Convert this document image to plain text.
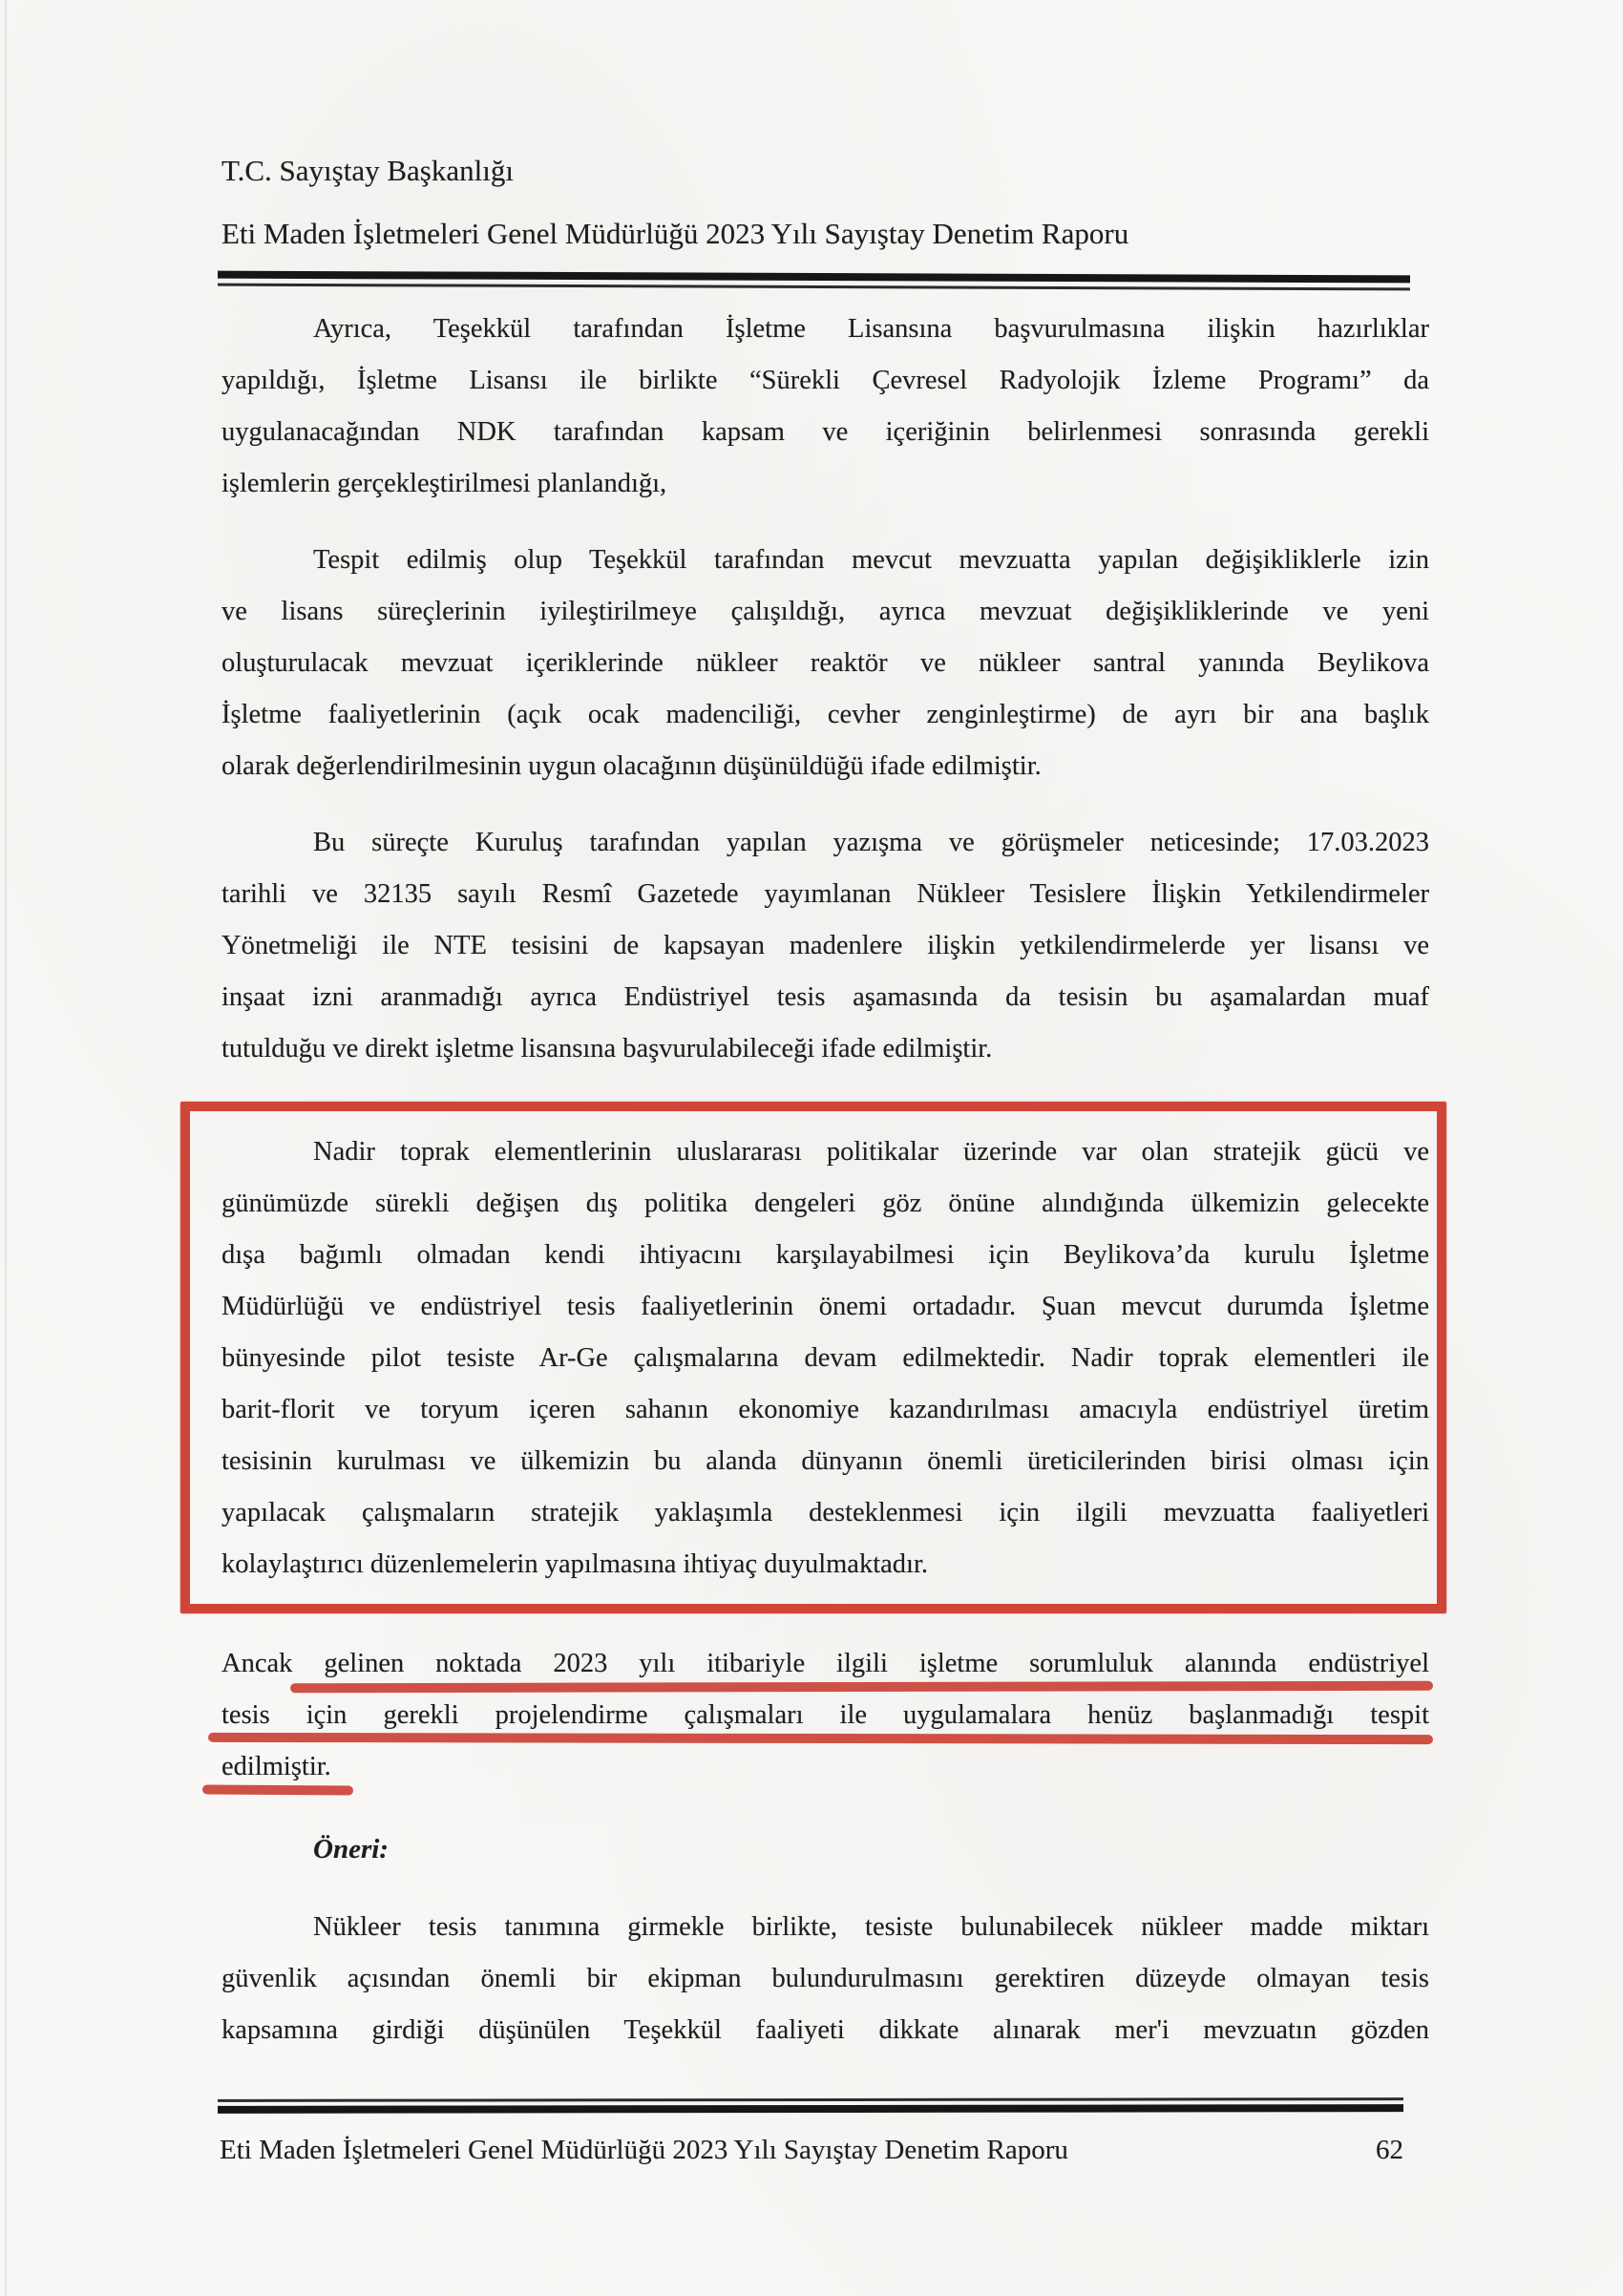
T.C. Sayıştay Başkanlığı
Eti Maden İşletmeleri Genel Müdürlüğü 2023 Yılı Sayıştay Denetim Raporu
Ayrıca, Teşekkül tarafından İşletme Lisansına başvurulmasına ilişkin hazırlıklar
yapıldığı, İşletme Lisansı ile birlikte “Sürekli Çevresel Radyolojik İzleme Programı” da
uygulanacağından NDK tarafından kapsam ve içeriğinin belirlenmesi sonrasında gerekli
işlemlerin gerçekleştirilmesi planlandığı,
Tespit edilmiş olup Teşekkül tarafından mevcut mevzuatta yapılan değişikliklerle izin
ve lisans süreçlerinin iyileştirilmeye çalışıldığı, ayrıca mevzuat değişikliklerinde ve yeni
oluşturulacak mevzuat içeriklerinde nükleer reaktör ve nükleer santral yanında Beylikova
İşletme faaliyetlerinin (açık ocak madenciliği, cevher zenginleştirme) de ayrı bir ana başlık
olarak değerlendirilmesinin uygun olacağının düşünüldüğü ifade edilmiştir.
Bu süreçte Kuruluş tarafından yapılan yazışma ve görüşmeler neticesinde; 17.03.2023
tarihli ve 32135 sayılı Resmî Gazetede yayımlanan Nükleer Tesislere İlişkin Yetkilendirmeler
Yönetmeliği ile NTE tesisini de kapsayan madenlere ilişkin yetkilendirmelerde yer lisansı ve
inşaat izni aranmadığı ayrıca Endüstriyel tesis aşamasında da tesisin bu aşamalardan muaf
tutulduğu ve direkt işletme lisansına başvurulabileceği ifade edilmiştir.
Nadir toprak elementlerinin uluslararası politikalar üzerinde var olan stratejik gücü ve
günümüzde sürekli değişen dış politika dengeleri göz önüne alındığında ülkemizin gelecekte
dışa bağımlı olmadan kendi ihtiyacını karşılayabilmesi için Beylikova’da kurulu İşletme
Müdürlüğü ve endüstriyel tesis faaliyetlerinin önemi ortadadır. Şuan mevcut durumda İşletme
bünyesinde pilot tesiste Ar-Ge çalışmalarına devam edilmektedir. Nadir toprak elementleri ile
barit-florit ve toryum içeren sahanın ekonomiye kazandırılması amacıyla endüstriyel üretim
tesisinin kurulması ve ülkemizin bu alanda dünyanın önemli üreticilerinden birisi olması için
yapılacak çalışmaların stratejik yaklaşımla desteklenmesi için ilgili mevzuatta faaliyetleri
kolaylaştırıcı düzenlemelerin yapılmasına ihtiyaç duyulmaktadır.
Ancak gelinen noktada 2023 yılı itibariyle ilgili işletme sorumluluk alanında endüstriyel
tesis için gerekli projelendirme çalışmaları ile uygulamalara henüz başlanmadığı tespit
edilmiştir.
Öneri:
Nükleer tesis tanımına girmekle birlikte, tesiste bulunabilecek nükleer madde miktarı
güvenlik açısından önemli bir ekipman bulundurulmasını gerektiren düzeyde olmayan tesis
kapsamına girdiği düşünülen Teşekkül faaliyeti dikkate alınarak mer'i mevzuatın gözden
Eti Maden İşletmeleri Genel Müdürlüğü 2023 Yılı Sayıştay Denetim Raporu	62
